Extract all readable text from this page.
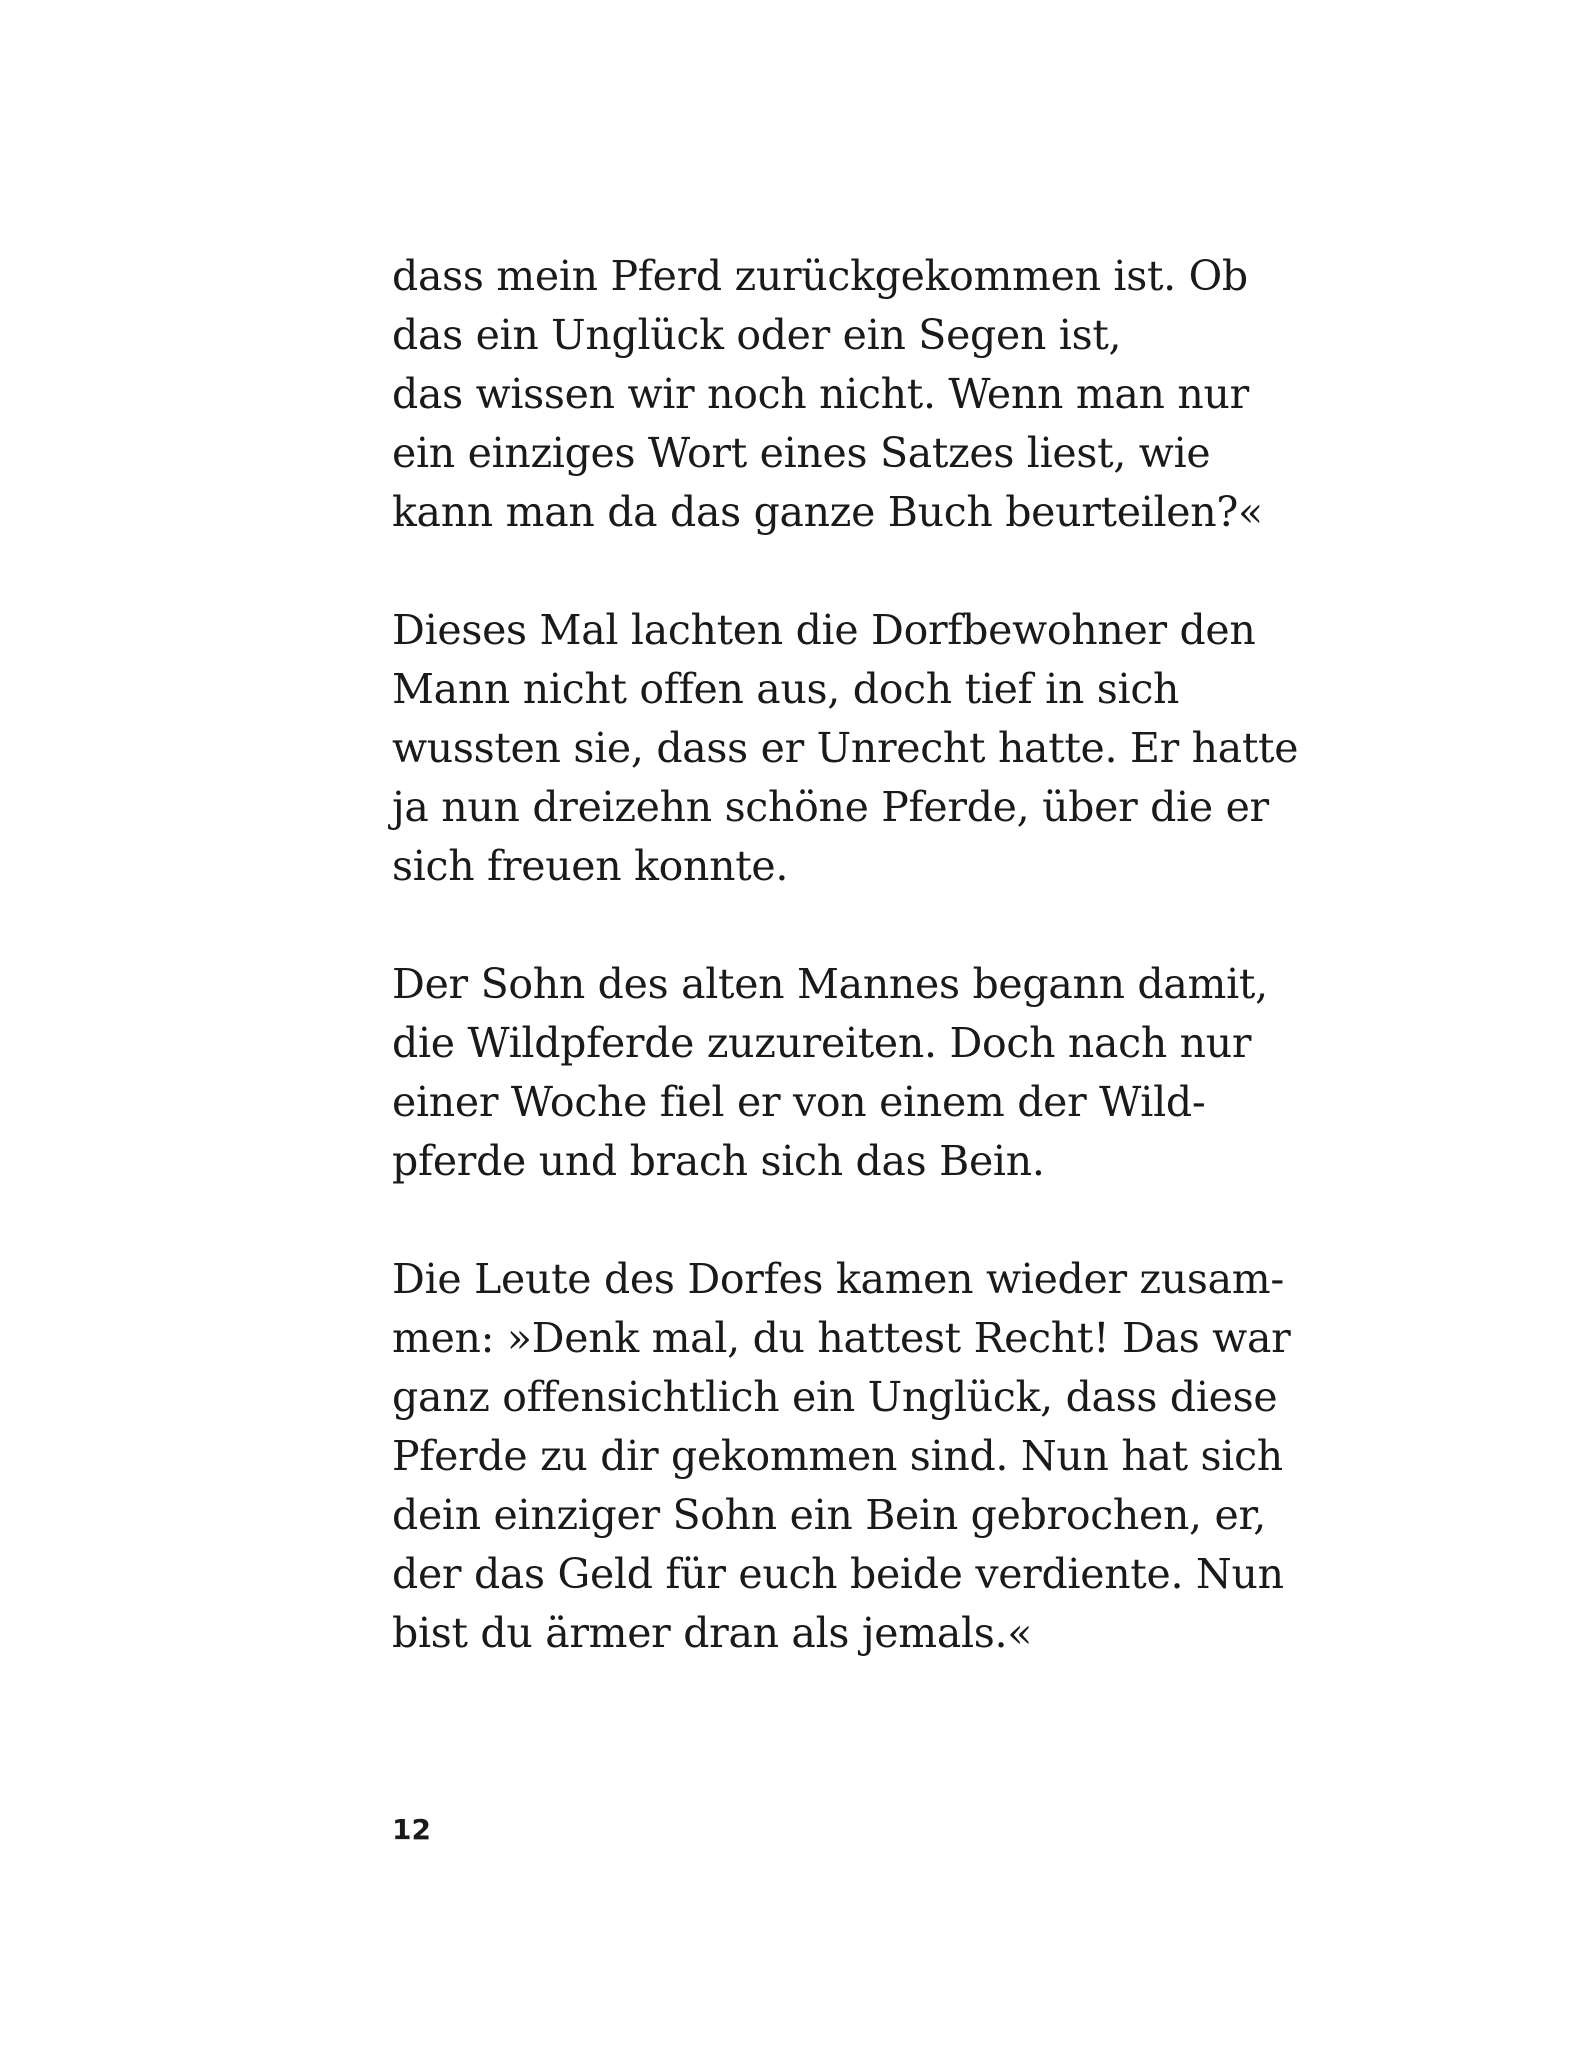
dass mein Pferd zurückgekommen ist. Ob
das ein Unglück oder ein Segen ist,
das wissen wir noch nicht. Wenn man nur
ein einziges Wort eines Satzes liest, wie
kann man da das ganze Buch beurteilen?«

Dieses Mal lachten die Dorfbewohner den
Mann nicht offen aus, doch tief in sich
wussten sie, dass er Unrecht hatte. Er hatte
ja nun dreizehn schöne Pferde, über die er
sich freuen konnte.

Der Sohn des alten Mannes begann damit,
die Wildpferde zuzureiten. Doch nach nur
einer Woche fiel er von einem der Wild-
pferde und brach sich das Bein.

Die Leute des Dorfes kamen wieder zusam-
men: »Denk mal, du hattest Recht! Das war
ganz offensichtlich ein Unglück, dass diese
Pferde zu dir gekommen sind. Nun hat sich
dein einziger Sohn ein Bein gebrochen, er,
der das Geld für euch beide verdiente. Nun
bist du ärmer dran als jemals.«

12
